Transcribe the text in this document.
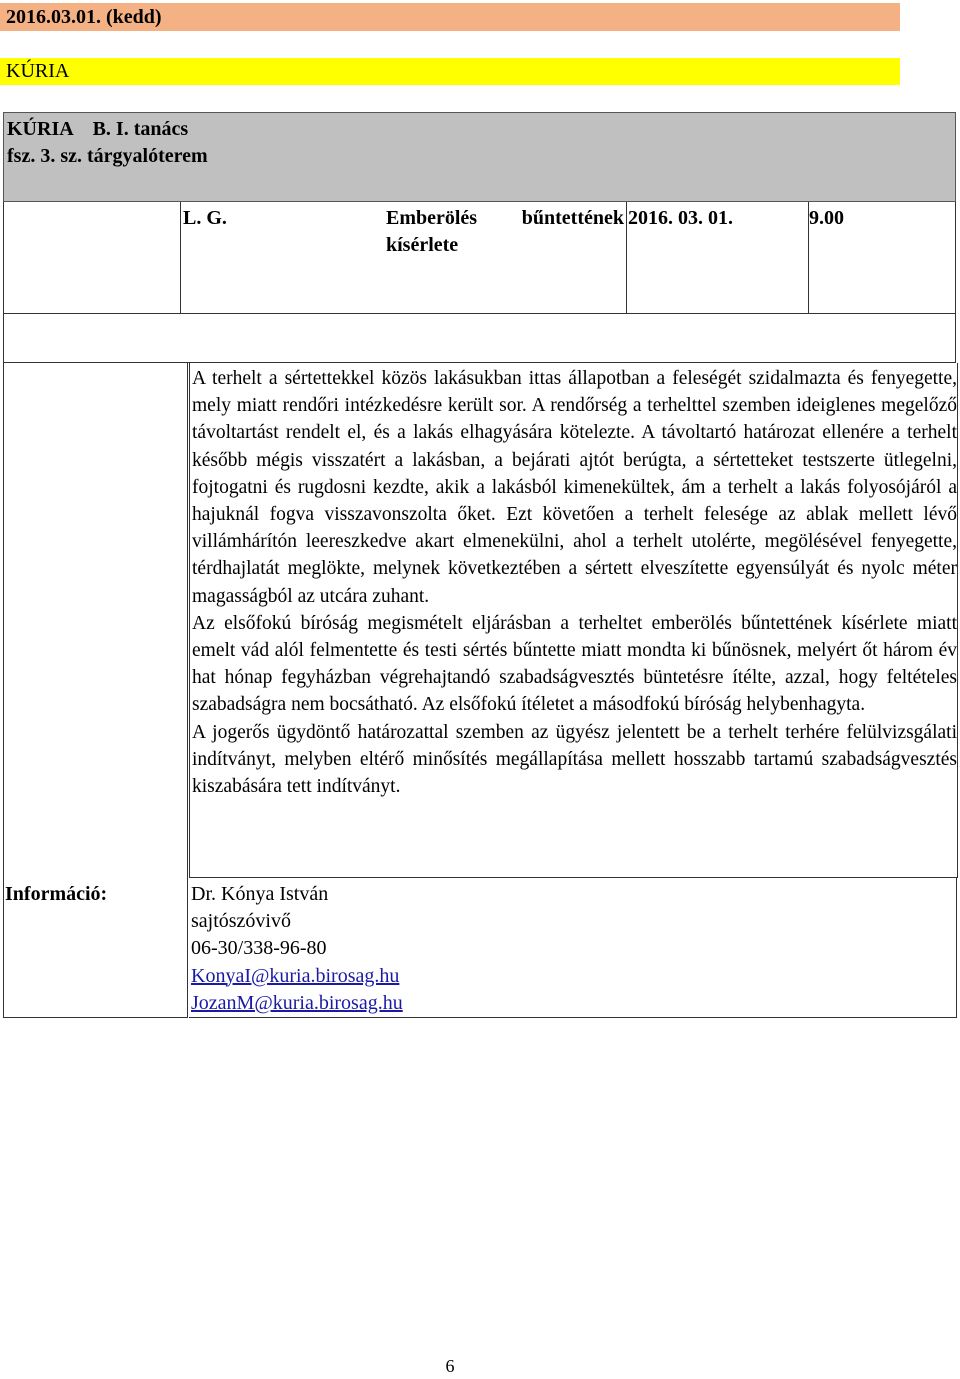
2016.03.01. (kedd)
KÚRIA
KÚRIA    B. I. tanács
fsz. 3. sz. tárgyalóterem
L. G.	Emberölés bűntettének kísérlete
2016. 03. 01.	9.00
Információ:

A terhelt a sértettekkel közös lakásukban ittas állapotban a feleségét szidalmazta és fenyegette, mely miatt rendőri intézkedésre került sor. A rendőrség a terhelttel szemben ideiglenes megelőző távoltartást rendelt el, és a lakás elhagyására kötelezte. A távoltartó határozat ellenére a terhelt később mégis visszatért a lakásban, a bejárati ajtót berúgta, a sértetteket testszerte ütlegelni, fojtogatni és rugdosni kezdte, akik a lakásból kimenekültek, ám a terhelt a lakás folyosójáról a hajuknál fogva visszavonszolta őket. Ezt követően a terhelt felesége az ablak mellett lévő villámhárítón leereszkedve akart elmenekülni, ahol a terhelt utolérte, megölésével fenyegette, térdhajlatát meglökte, melynek következtében a sértett elveszítette egyensúlyát és nyolc méter magasságból az utcára zuhant.

Az elsőfokú bíróság megismételt eljárásban a terheltet emberölés bűntettének kísérlete miatt emelt vád alól felmentette és testi sértés bűntette miatt mondta ki bűnösnek, melyért őt három év hat hónap fegyházban végrehajtandó szabadságvesztés büntetésre ítélte, azzal, hogy feltételes szabadságra nem bocsátható. Az elsőfokú ítéletet a másodfokú bíróság helybenhagyta.

A jogerős ügydöntő határozattal szemben az ügyész jelentett be a terhelt terhére felülvizsgálati indítványt, melyben eltérő minősítés megállapítása mellett hosszabb tartamú szabadságvesztés kiszabására tett indítványt.

Dr. Kónya István
sajtószóvivő
06-30/338-96-80
KonyaI@kuria.birosag.hu
JozanM@kuria.birosag.hu
6
